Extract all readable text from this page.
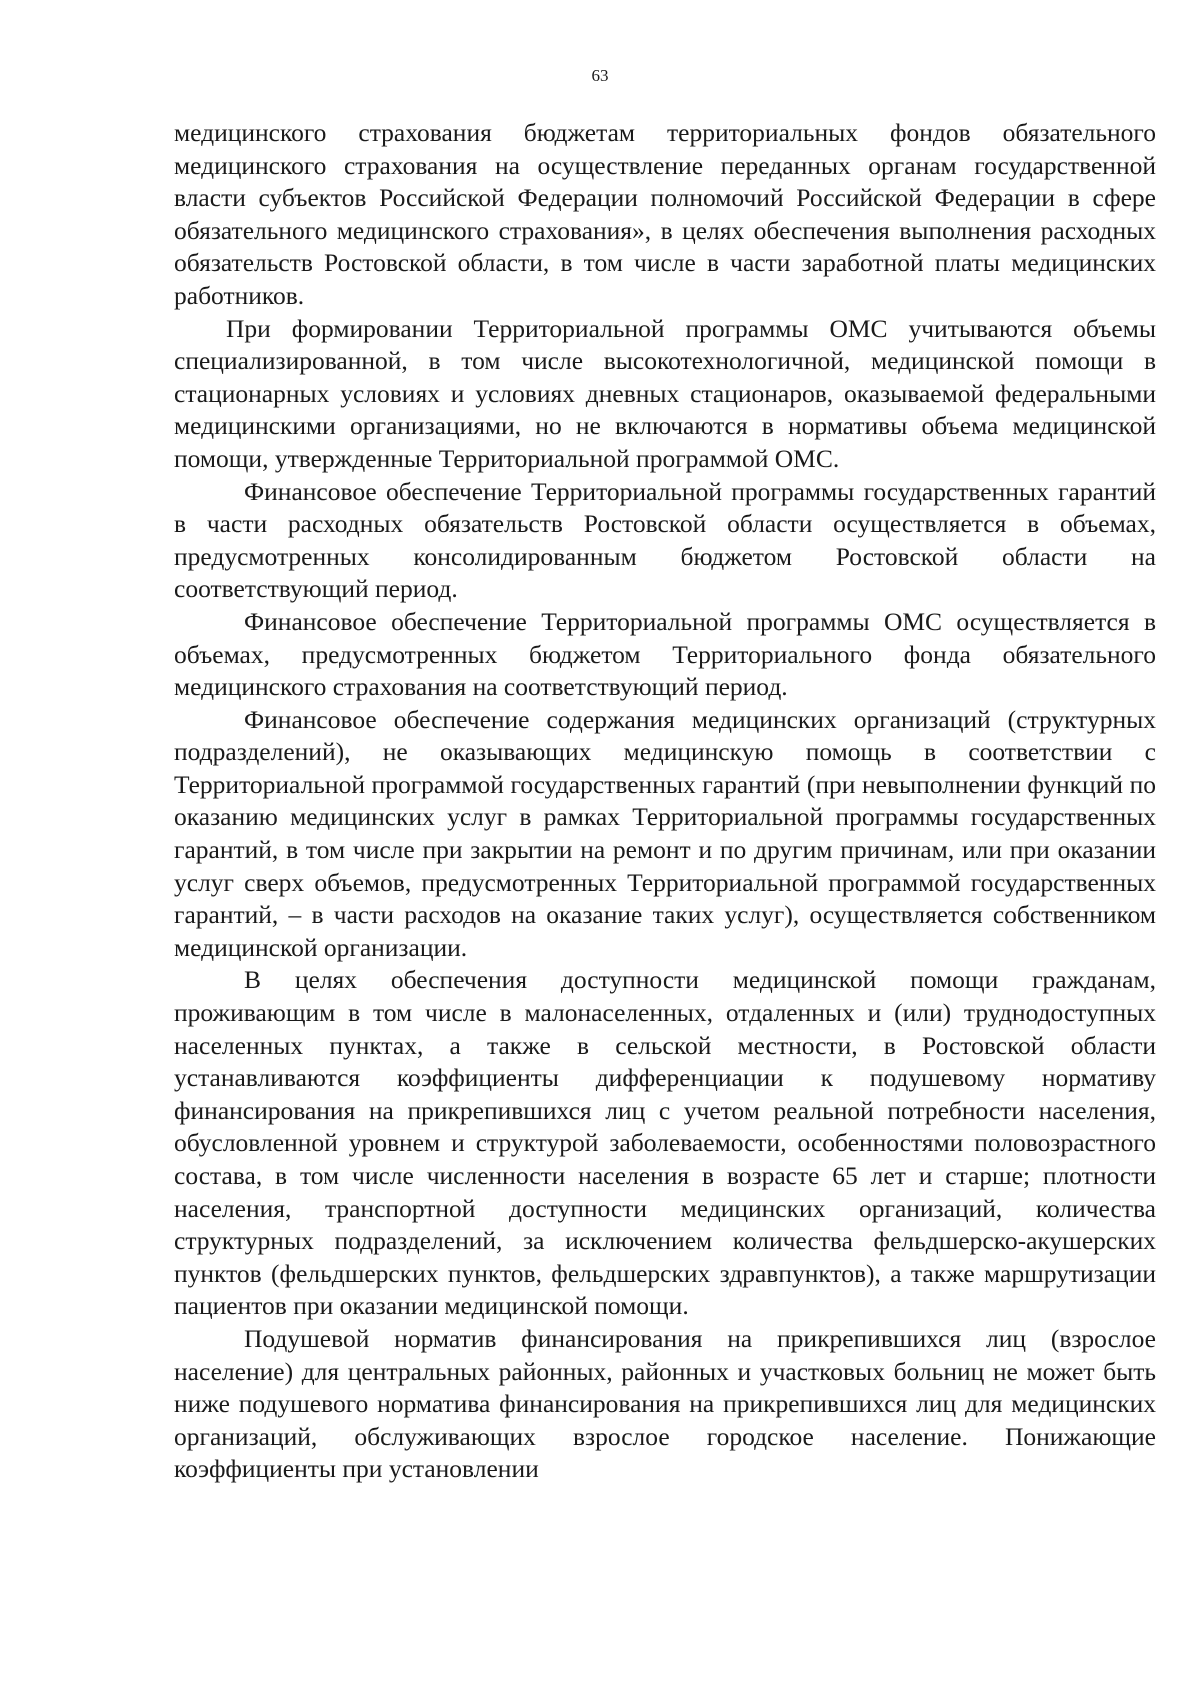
63

медицинского страхования бюджетам территориальных фондов обязательного медицинского страхования на осуществление переданных органам государственной власти субъектов Российской Федерации полномочий Российской Федерации в сфере обязательного медицинского страхования», в целях обеспечения выполнения расходных обязательств Ростовской области, в том числе в части заработной платы медицинских работников.

При формировании Территориальной программы ОМС учитываются объемы специализированной, в том числе высокотехнологичной, медицинской помощи в стационарных условиях и условиях дневных стационаров, оказываемой федеральными медицинскими организациями, но не включаются в нормативы объема медицинской помощи, утвержденные Территориальной программой ОМС.

Финансовое обеспечение Территориальной программы государственных гарантий в части расходных обязательств Ростовской области осуществляется в объемах, предусмотренных консолидированным бюджетом Ростовской области на соответствующий период.

Финансовое обеспечение Территориальной программы ОМС осуществляется в объемах, предусмотренных бюджетом Территориального фонда обязательного медицинского страхования на соответствующий период.

Финансовое обеспечение содержания медицинских организаций (структурных подразделений), не оказывающих медицинскую помощь в соответствии с Территориальной программой государственных гарантий (при невыполнении функций по оказанию медицинских услуг в рамках Территориальной программы государственных гарантий, в том числе при закрытии на ремонт и по другим причинам, или при оказании услуг сверх объемов, предусмотренных Территориальной программой государственных гарантий, – в части расходов на оказание таких услуг), осуществляется собственником медицинской организации.

В целях обеспечения доступности медицинской помощи гражданам, проживающим в том числе в малонаселенных, отдаленных и (или) труднодоступных населенных пунктах, а также в сельской местности, в Ростовской области устанавливаются коэффициенты дифференциации к подушевому нормативу финансирования на прикрепившихся лиц с учетом реальной потребности населения, обусловленной уровнем и структурой заболеваемости, особенностями половозрастного состава, в том числе численности населения в возрасте 65 лет и старше; плотности населения, транспортной доступности медицинских организаций, количества структурных подразделений, за исключением количества фельдшерско-акушерских пунктов (фельдшерских пунктов, фельдшерских здравпунктов), а также маршрутизации пациентов при оказании медицинской помощи.

Подушевой норматив финансирования на прикрепившихся лиц (взрослое население) для центральных районных, районных и участковых больниц не может быть ниже подушевого норматива финансирования на прикрепившихся лиц для медицинских организаций, обслуживающих взрослое городское население. Понижающие коэффициенты при установлении
